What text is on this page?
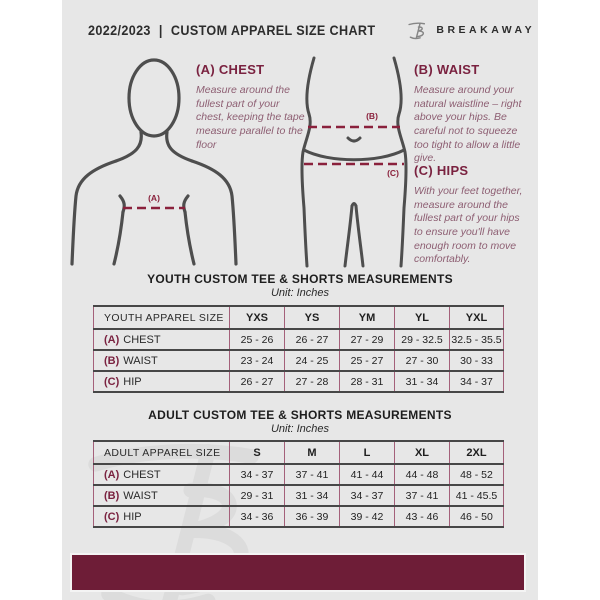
2022/2023 | CUSTOM APPAREL SIZE CHART	BREAKAWAY
(A)
(B)
(C)
(A) CHEST
Measure around the fullest part of your chest, keeping the tape measure parallel to the floor
(B) WAIST
Measure around your natural waistline – right above your hips. Be careful not to squeeze too tight to allow a little give.
(C) HIPS
With your feet together, measure around the fullest part of your hips to ensure you'll have enough room to move comfortably.
YOUTH CUSTOM TEE & SHORTS MEASUREMENTS
Unit: Inches
YOUTH APPAREL SIZE	YXS	YS	YM	YL	YXL
(A) CHEST	25 - 26	26 - 27	27 - 29	29 - 32.5	32.5 - 35.5
(B) WAIST	23 - 24	24 - 25	25 - 27	27 - 30	30 - 33
(C) HIP	26 - 27	27 - 28	28 - 31	31 - 34	34 - 37
ADULT CUSTOM TEE & SHORTS MEASUREMENTS
Unit: Inches
ADULT APPAREL SIZE	S	M	L	XL	2XL
(A) CHEST	34 - 37	37 - 41	41 - 44	44 - 48	48 - 52
(B) WAIST	29 - 31	31 - 34	34 - 37	37 - 41	41 - 45.5
(C) HIP	34 - 36	36 - 39	39 - 42	43 - 46	46 - 50
